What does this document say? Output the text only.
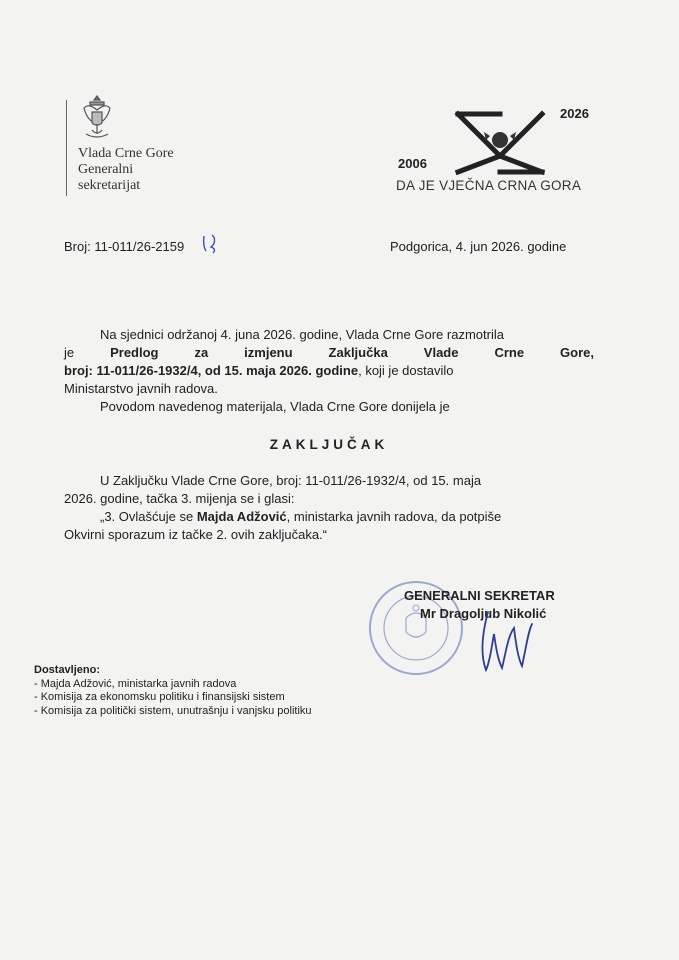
Vlada Crne Gore
Generalni
sekretarijat
2006
2026
DA JE VJEČNA CRNA GORA
Broj: 11-011/26-2159	Podgorica, 4. jun 2026. godine

Na sjednici održanoj 4. juna 2026. godine, Vlada Crne Gore razmotrila

je	Predlog	za	izmjenu	Zaključka	Vlade	Crne	Gore,
broj: 11-011/26-1932/4, od 15. maja 2026. godine, koji je dostavilo
Ministarstvo javnih radova.

Povodom navedenog materijala, Vlada Crne Gore donijela je

ZAKLJUČAK

U Zaključku Vlade Crne Gore, broj: 11-011/26-1932/4, od 15. maja

2026. godine, tačka 3. mijenja se i glasi:

„3. Ovlašćuje se Majda Adžović, ministarka javnih radova, da potpiše

Okvirni sporazum iz tačke 2. ovih zaključaka.“
GENERALNI SEKRETAR
Mr Dragoljub Nikolić
Dostavljeno:
- Majda Adžović, ministarka javnih radova
- Komisija za ekonomsku politiku i finansijski sistem
- Komisija za politički sistem, unutrašnju i vanjsku politiku
